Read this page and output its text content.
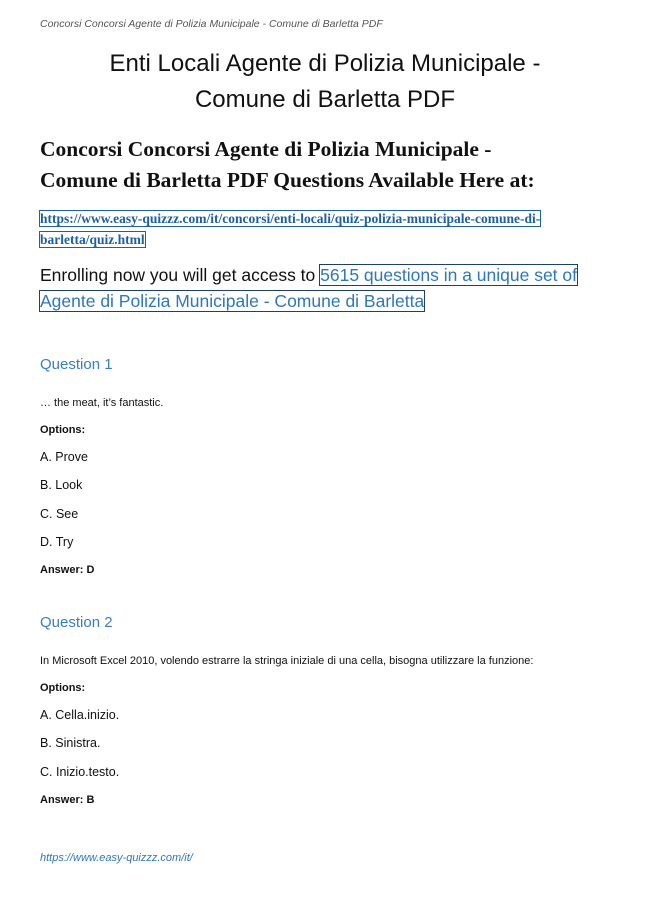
Concorsi Concorsi Agente di Polizia Municipale - Comune di Barletta PDF
Enti Locali Agente di Polizia Municipale -
Comune di Barletta PDF
Concorsi Concorsi Agente di Polizia Municipale -
Comune di Barletta PDF Questions Available Here at:
https://www.easy-quizzz.com/it/concorsi/enti-locali/quiz-polizia-municipale-comune-di-
barletta/quiz.html
Enrolling now you will get access to 5615 questions in a unique set of
Agente di Polizia Municipale - Comune di Barletta
Question 1
… the meat, it’s fantastic.
Options:
A. Prove
B. Look
C. See
D. Try
Answer: D
Question 2
In Microsoft Excel 2010, volendo estrarre la stringa iniziale di una cella, bisogna utilizzare la funzione:
Options:
A. Cella.inizio.
B. Sinistra.
C. Inizio.testo.
Answer: B
https://www.easy-quizzz.com/it/
